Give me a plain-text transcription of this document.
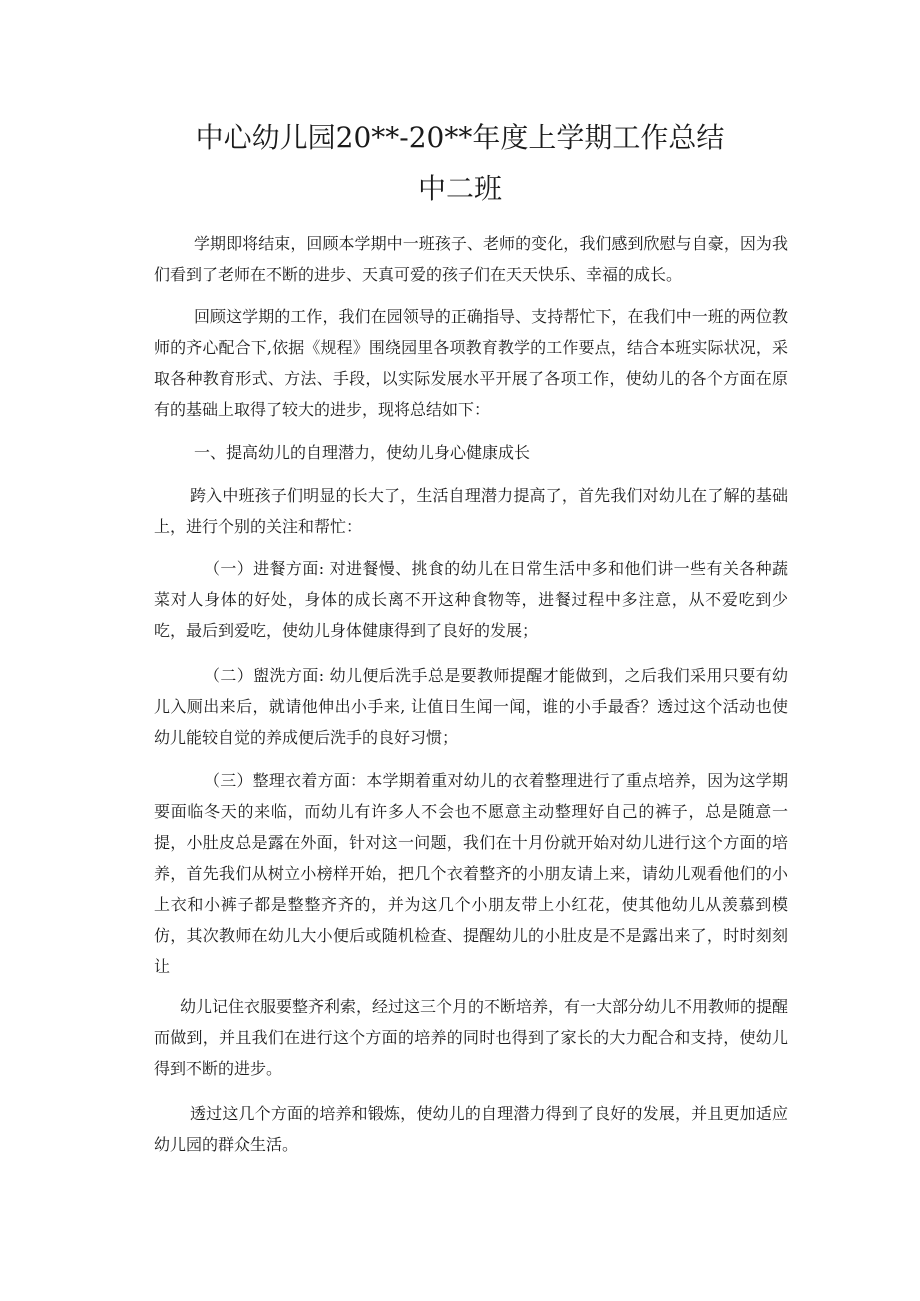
中心幼儿园20**-20**年度上学期工作总结
中二班

学期即将结束，回顾本学期中一班孩子、老师的变化，我们感到欣慰与自豪，因为我们看到了老师在不断的进步、天真可爱的孩子们在天天快乐、幸福的成长。

回顾这学期的工作，我们在园领导的正确指导、支持帮忙下，在我们中一班的两位教师的齐心配合下,依据《规程》围绕园里各项教育教学的工作要点，结合本班实际状况，采取各种教育形式、方法、手段，以实际发展水平开展了各项工作，使幼儿的各个方面在原有的基础上取得了较大的进步，现将总结如下：

一、提高幼儿的自理潜力，使幼儿身心健康成长

跨入中班孩子们明显的长大了，生活自理潜力提高了，首先我们对幼儿在了解的基础上，进行个别的关注和帮忙：

（一）进餐方面: 对进餐慢、挑食的幼儿在日常生活中多和他们讲一些有关各种蔬菜对人身体的好处，身体的成长离不开这种食物等，进餐过程中多注意，从不爱吃到少吃，最后到爱吃，使幼儿身体健康得到了良好的发展；

（二）盥洗方面: 幼儿便后洗手总是要教师提醒才能做到，之后我们采用只要有幼儿入厕出来后，就请他伸出小手来, 让值日生闻一闻，谁的小手最香？透过这个活动也使幼儿能较自觉的养成便后洗手的良好习惯；

（三）整理衣着方面：本学期着重对幼儿的衣着整理进行了重点培养，因为这学期要面临冬天的来临，而幼儿有许多人不会也不愿意主动整理好自己的裤子，总是随意一提，小肚皮总是露在外面，针对这一问题，我们在十月份就开始对幼儿进行这个方面的培养，首先我们从树立小榜样开始，把几个衣着整齐的小朋友请上来，请幼儿观看他们的小上衣和小裤子都是整整齐齐的，并为这几个小朋友带上小红花，使其他幼儿从羡慕到模仿，其次教师在幼儿大小便后或随机检查、提醒幼儿的小肚皮是不是露出来了，时时刻刻让

幼儿记住衣服要整齐利索，经过这三个月的不断培养，有一大部分幼儿不用教师的提醒而做到，并且我们在进行这个方面的培养的同时也得到了家长的大力配合和支持，使幼儿得到不断的进步。

透过这几个方面的培养和锻炼，使幼儿的自理潜力得到了良好的发展，并且更加适应幼儿园的群众生活。
